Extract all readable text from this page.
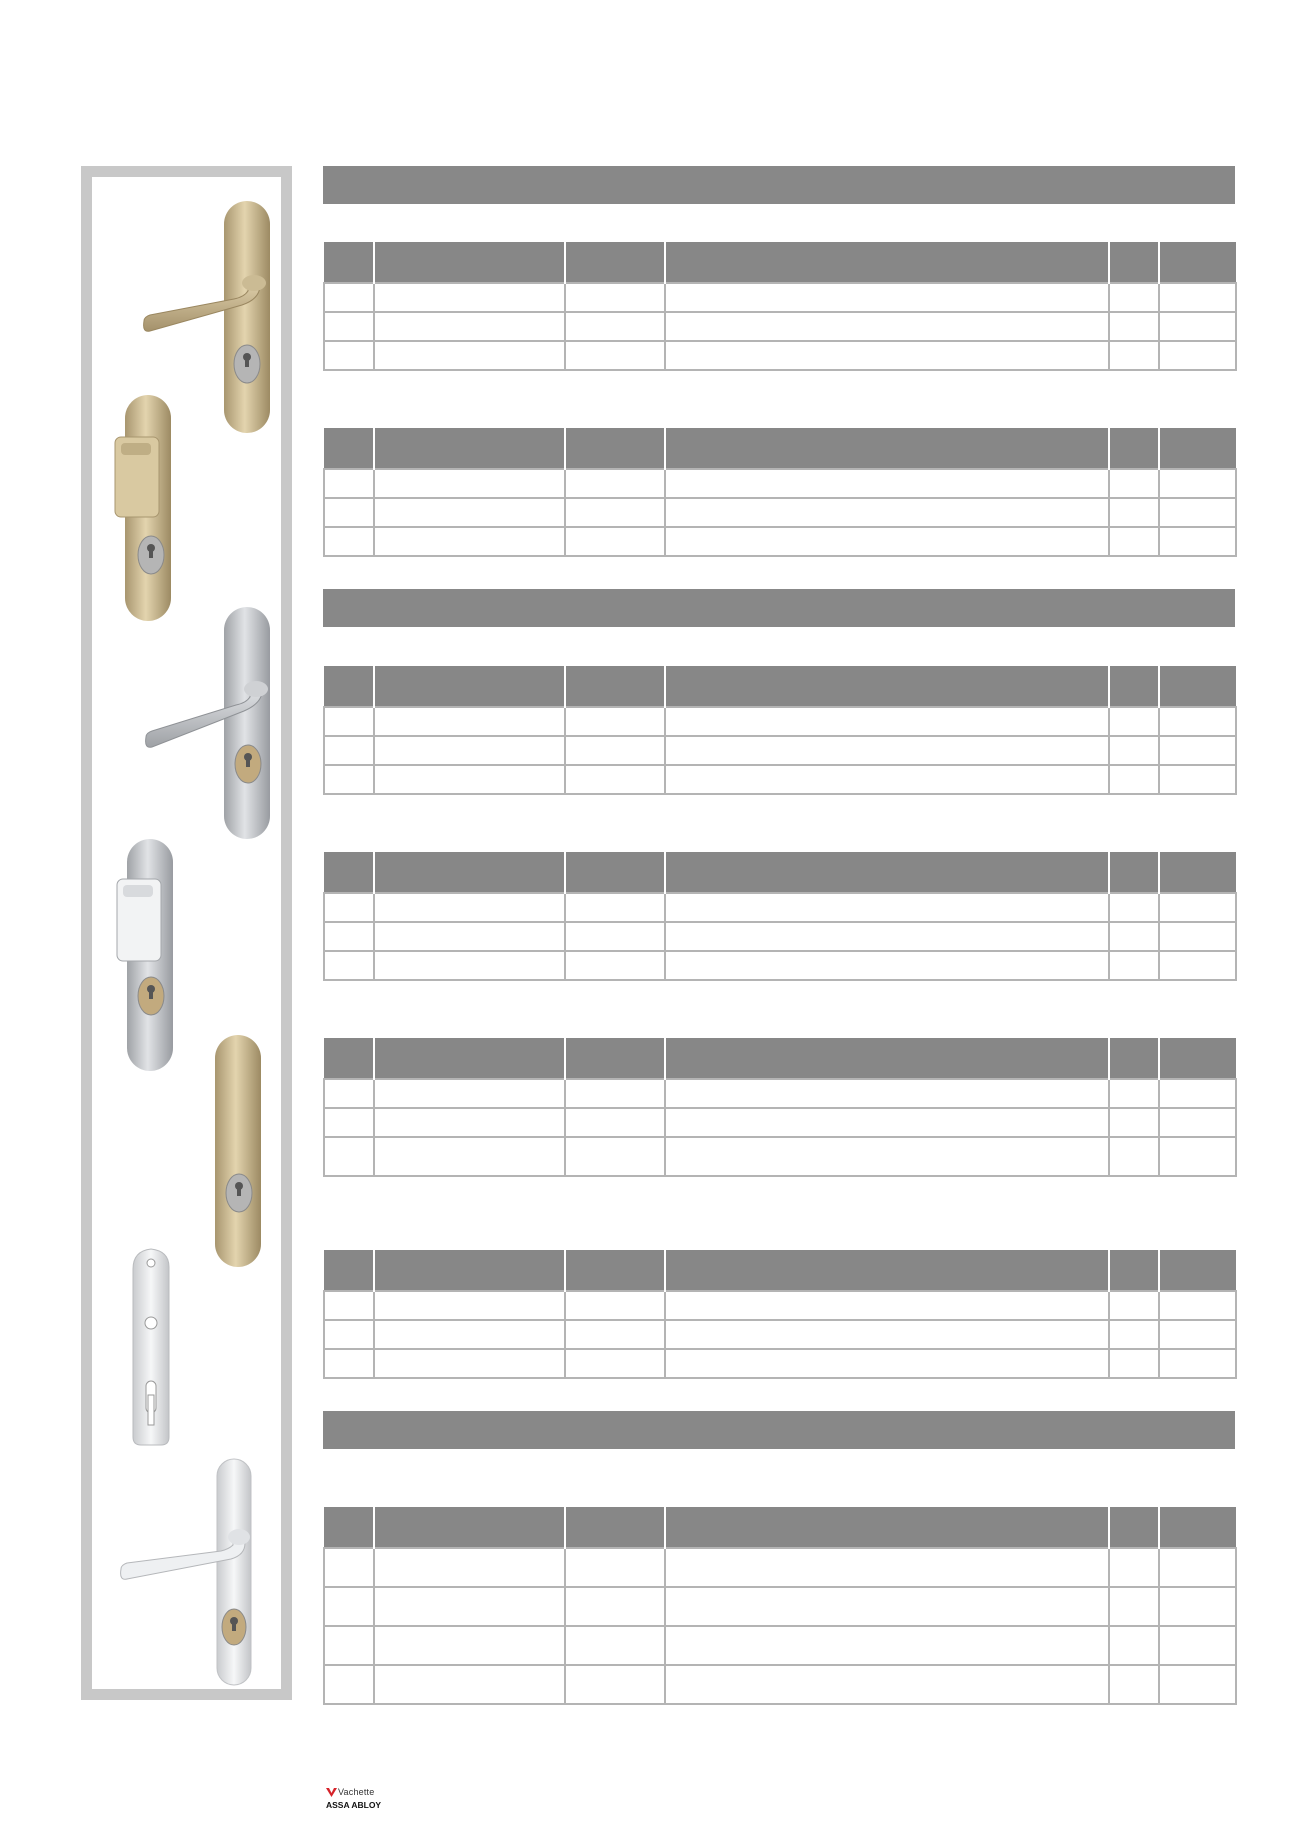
Vachette
ASSA ABLOY
